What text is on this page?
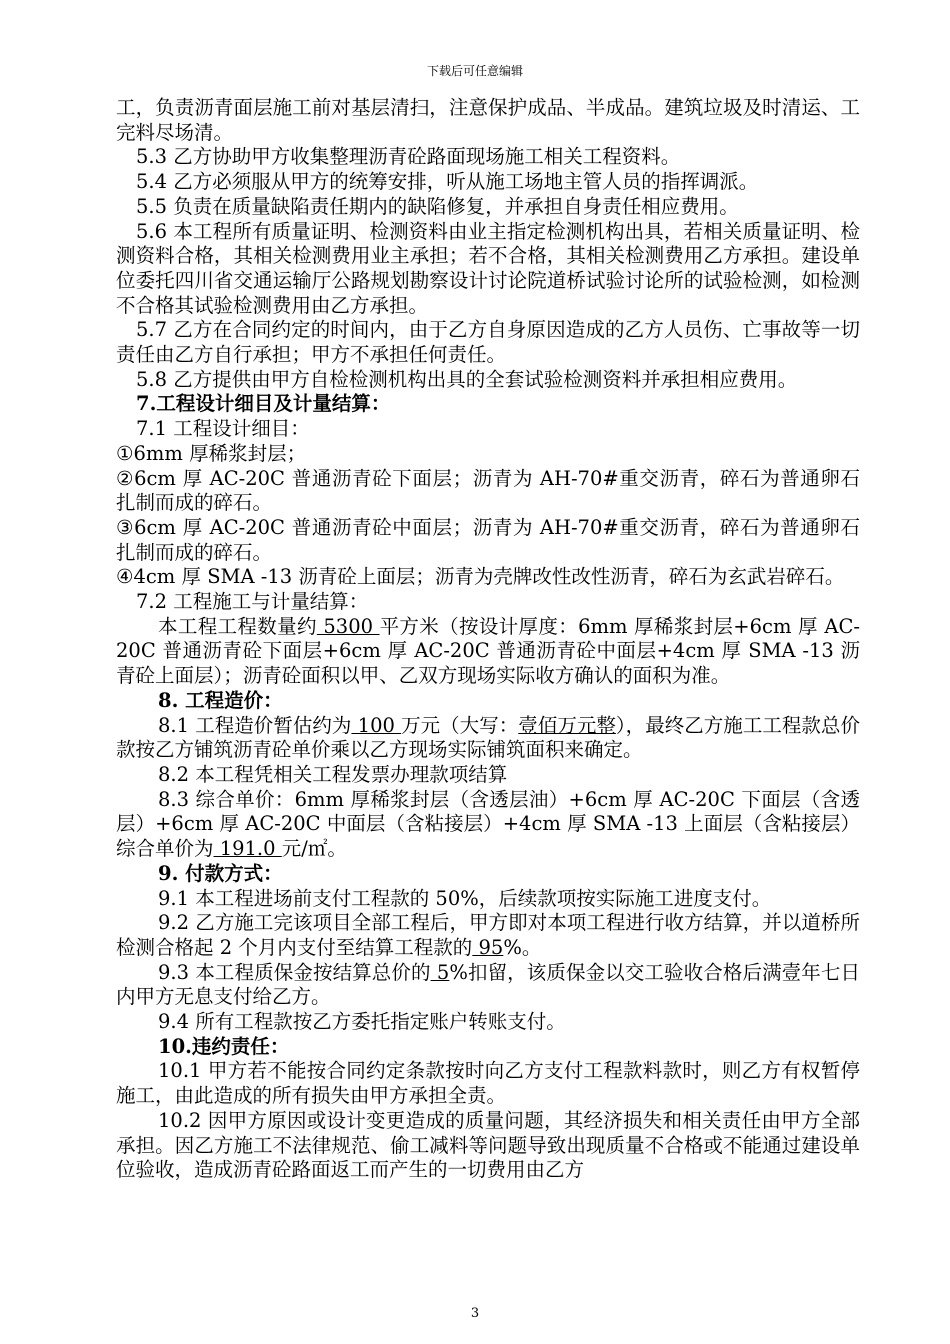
下载后可任意编辑

工，负责沥青面层施工前对基层清扫，注意保护成品、半成品。建筑垃圾及时清运、工完料尽场清。

5.3 乙方协助甲方收集整理沥青砼路面现场施工相关工程资料。

5.4 乙方必须服从甲方的统筹安排，听从施工场地主管人员的指挥调派。

5.5 负责在质量缺陷责任期内的缺陷修复，并承担自身责任相应费用。

5.6 本工程所有质量证明、检测资料由业主指定检测机构出具，若相关质量证明、检测资料合格，其相关检测费用业主承担；若不合格，其相关检测费用乙方承担。建设单位委托四川省交通运输厅公路规划勘察设计讨论院道桥试验讨论所的试验检测，如检测不合格其试验检测费用由乙方承担。

5.7 乙方在合同约定的时间内，由于乙方自身原因造成的乙方人员伤、亡事故等一切责任由乙方自行承担；甲方不承担任何责任。

5.8 乙方提供由甲方自检检测机构出具的全套试验检测资料并承担相应费用。

7.工程设计细目及计量结算：

7.1 工程设计细目：

①6mm 厚稀浆封层；

②6cm 厚 AC-20C 普通沥青砼下面层；沥青为 AH-70#重交沥青，碎石为普通卵石扎制而成的碎石。

③6cm 厚 AC-20C 普通沥青砼中面层；沥青为 AH-70#重交沥青，碎石为普通卵石扎制而成的碎石。

④4cm 厚 SMA -13 沥青砼上面层；沥青为壳牌改性改性沥青，碎石为玄武岩碎石。

7.2 工程施工与计量结算：

本工程工程数量约 5300 平方米（按设计厚度：6mm 厚稀浆封层+6cm 厚 AC-20C 普通沥青砼下面层+6cm 厚 AC-20C 普通沥青砼中面层+4cm 厚 SMA -13 沥青砼上面层）；沥青砼面积以甲、乙双方现场实际收方确认的面积为准。

8. 工程造价：

8.1 工程造价暂估约为 100 万元（大写：壹佰万元整），最终乙方施工工程款总价款按乙方铺筑沥青砼单价乘以乙方现场实际铺筑面积来确定。

8.2 本工程凭相关工程发票办理款项结算

8.3 综合单价：6mm 厚稀浆封层（含透层油）+6cm 厚 AC-20C 下面层（含透层）+6cm 厚 AC-20C 中面层（含粘接层）+4cm 厚 SMA -13 上面层（含粘接层）综合单价为 191.0 元/㎡。

9. 付款方式：

9.1 本工程进场前支付工程款的 50%，后续款项按实际施工进度支付。

9.2 乙方施工完该项目全部工程后，甲方即对本项工程进行收方结算，并以道桥所检测合格起 2 个月内支付至结算工程款的 95%。

9.3 本工程质保金按结算总价的 5%扣留，该质保金以交工验收合格后满壹年七日内甲方无息支付给乙方。

9.4 所有工程款按乙方委托指定账户转账支付。

10.违约责任：

10.1 甲方若不能按合同约定条款按时向乙方支付工程款料款时，则乙方有权暂停施工，由此造成的所有损失由甲方承担全责。

10.2 因甲方原因或设计变更造成的质量问题，其经济损失和相关责任由甲方全部承担。因乙方施工不法律规范、偷工减料等问题导致出现质量不合格或不能通过建设单位验收，造成沥青砼路面返工而产生的一切费用由乙方

3
